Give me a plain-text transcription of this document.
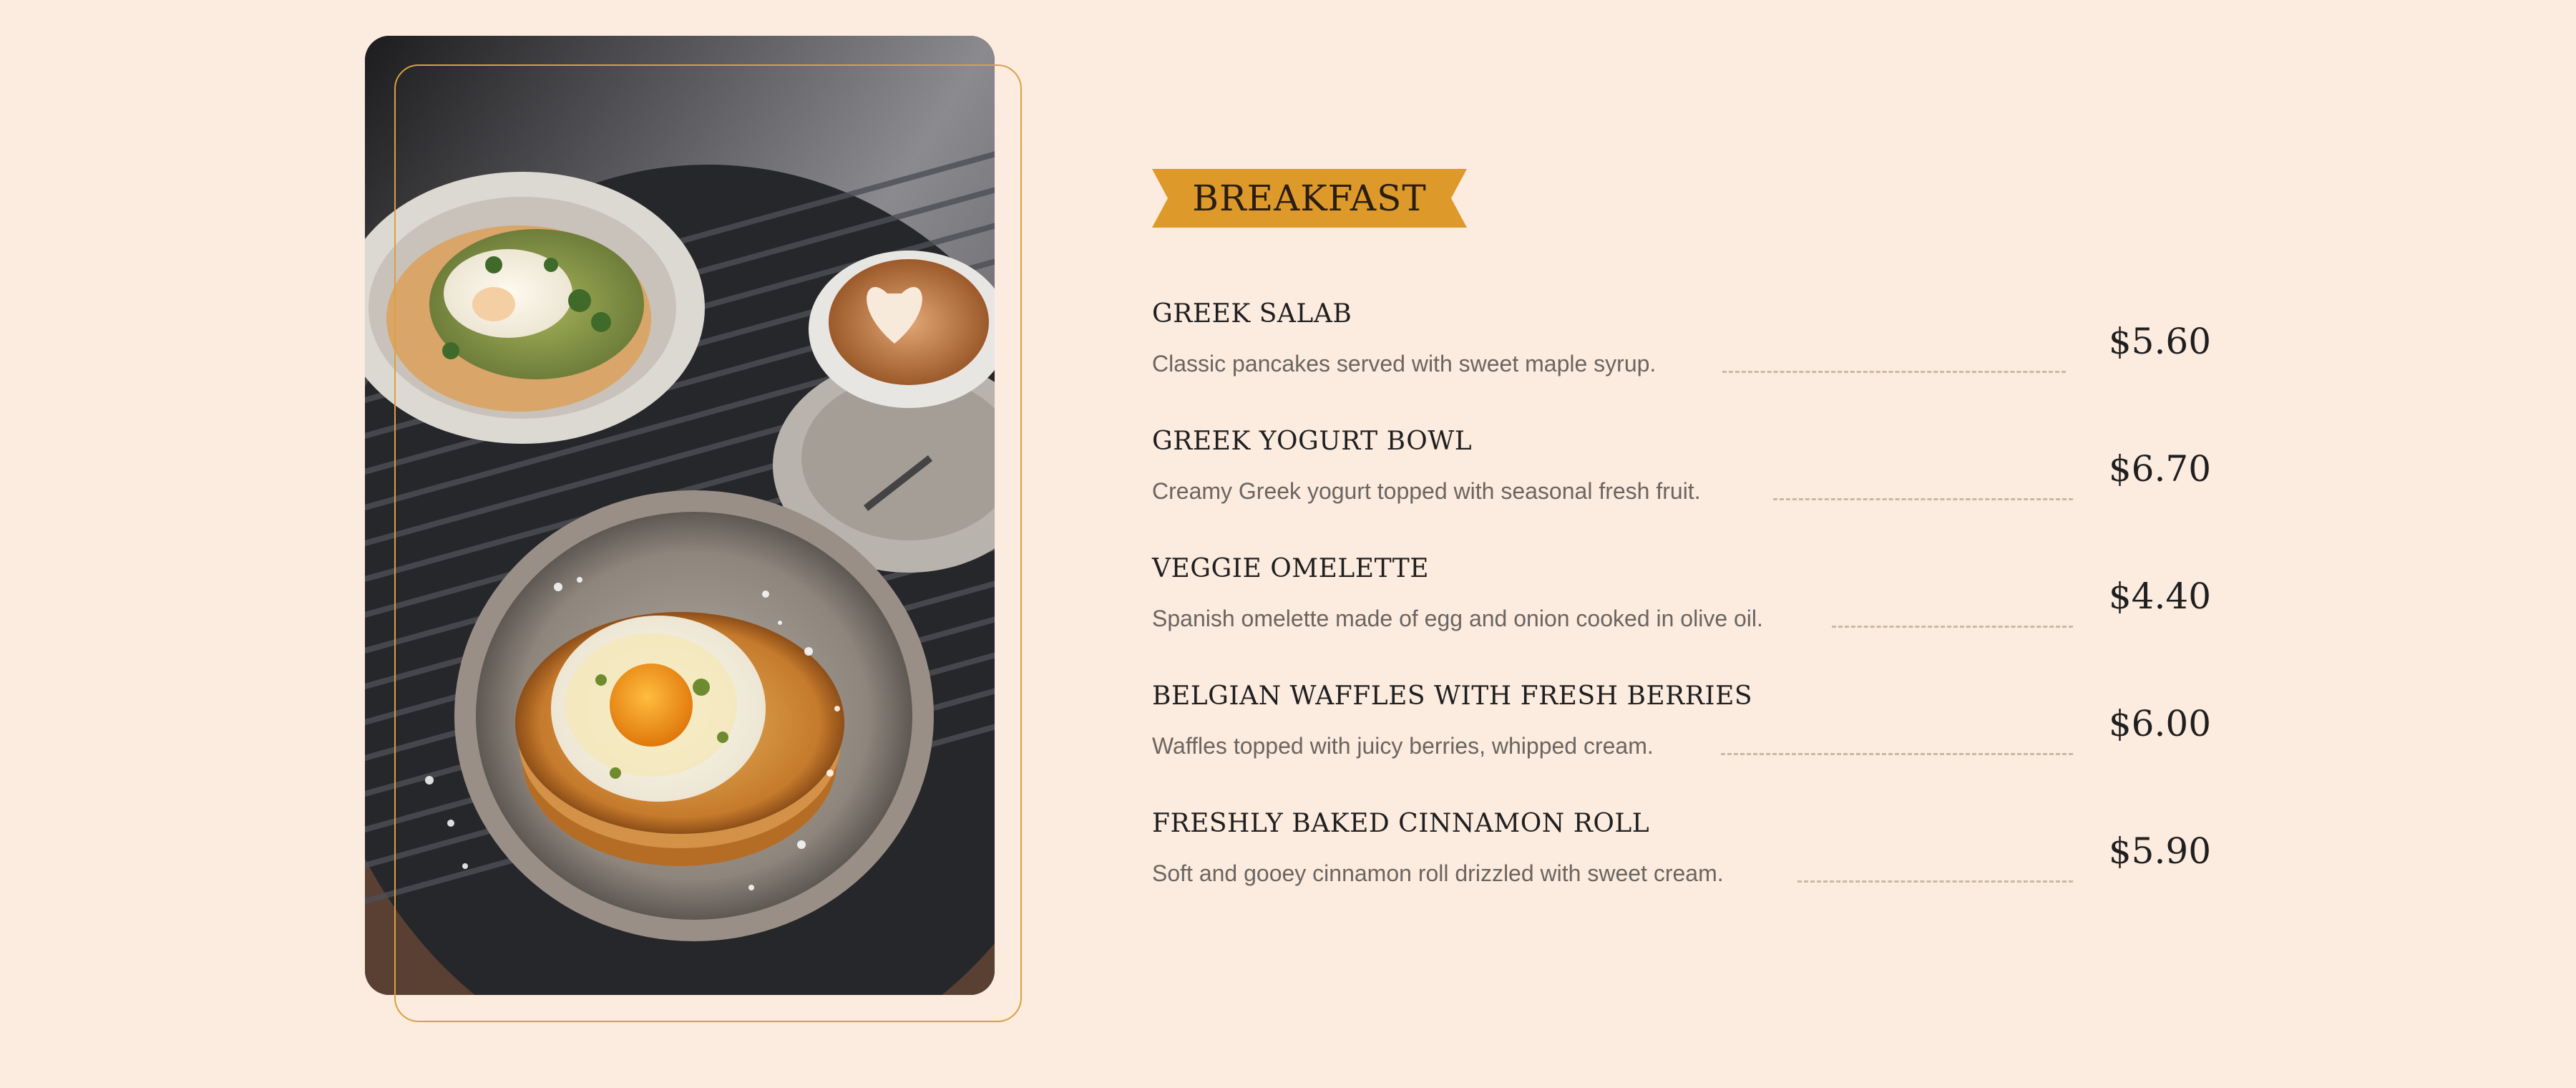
BREAKFAST
GREEK SALAB
Classic pancakes served with sweet maple syrup.
$5.60
GREEK YOGURT BOWL
Creamy Greek yogurt topped with seasonal fresh fruit.
$6.70
VEGGIE OMELETTE
Spanish omelette made of egg and onion cooked in olive oil.
$4.40
BELGIAN WAFFLES WITH FRESH BERRIES
Waffles topped with juicy berries, whipped cream.
$6.00
FRESHLY BAKED CINNAMON ROLL
Soft and gooey cinnamon roll drizzled with sweet cream.
$5.90
